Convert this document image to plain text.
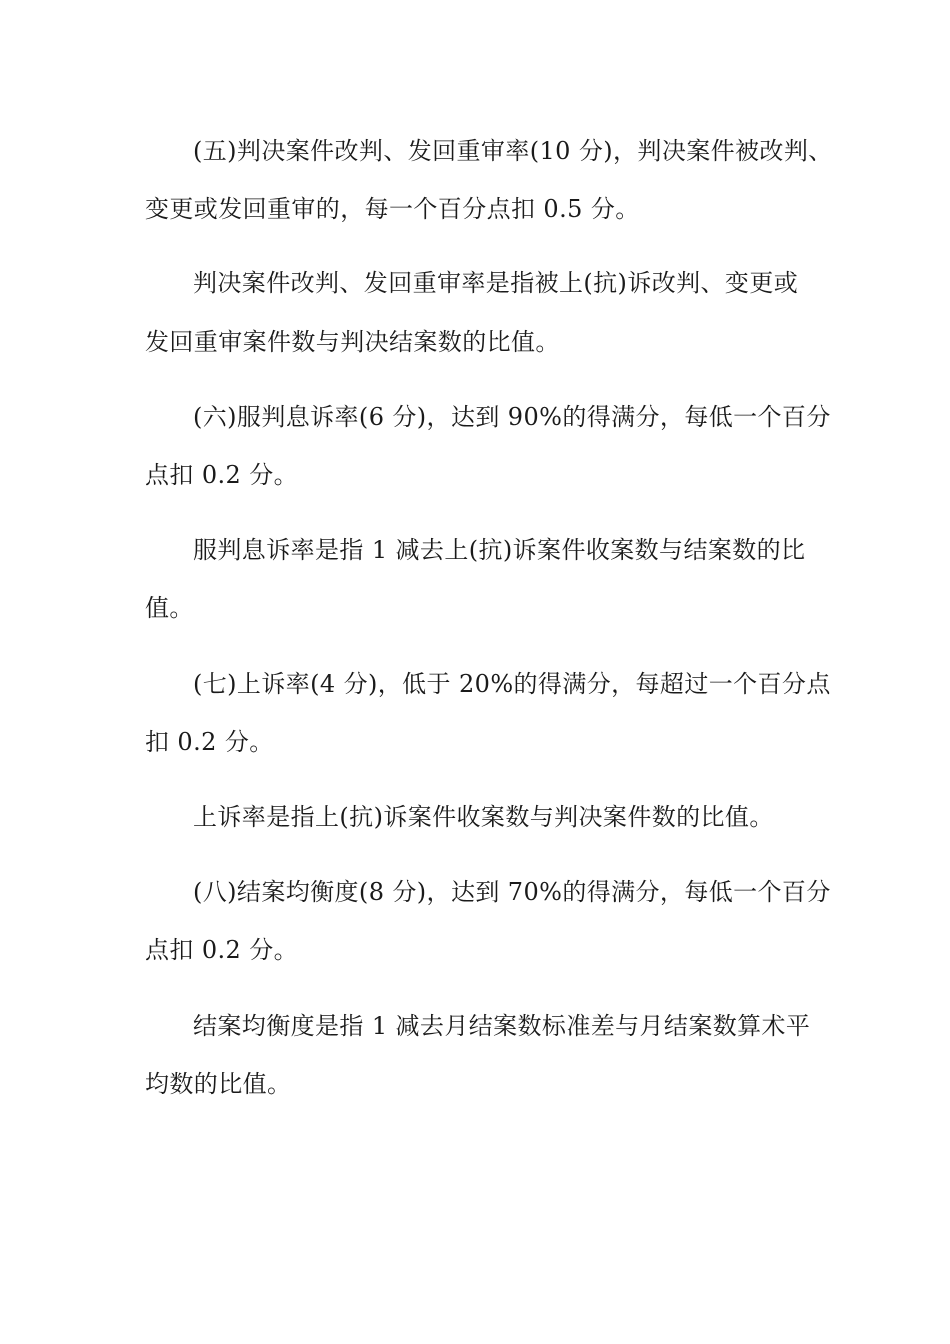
(五)判决案件改判、发回重审率(10 分)，判决案件被改判、
变更或发回重审的，每一个百分点扣 0.5 分。
判决案件改判、发回重审率是指被上(抗)诉改判、变更或
发回重审案件数与判决结案数的比值。
(六)服判息诉率(6 分)，达到 90%的得满分，每低一个百分
点扣 0.2 分。
服判息诉率是指 1 减去上(抗)诉案件收案数与结案数的比
值。
(七)上诉率(4 分)，低于 20%的得满分，每超过一个百分点
扣 0.2 分。
上诉率是指上(抗)诉案件收案数与判决案件数的比值。
(八)结案均衡度(8 分)，达到 70%的得满分，每低一个百分
点扣 0.2 分。
结案均衡度是指 1 减去月结案数标准差与月结案数算术平
均数的比值。
